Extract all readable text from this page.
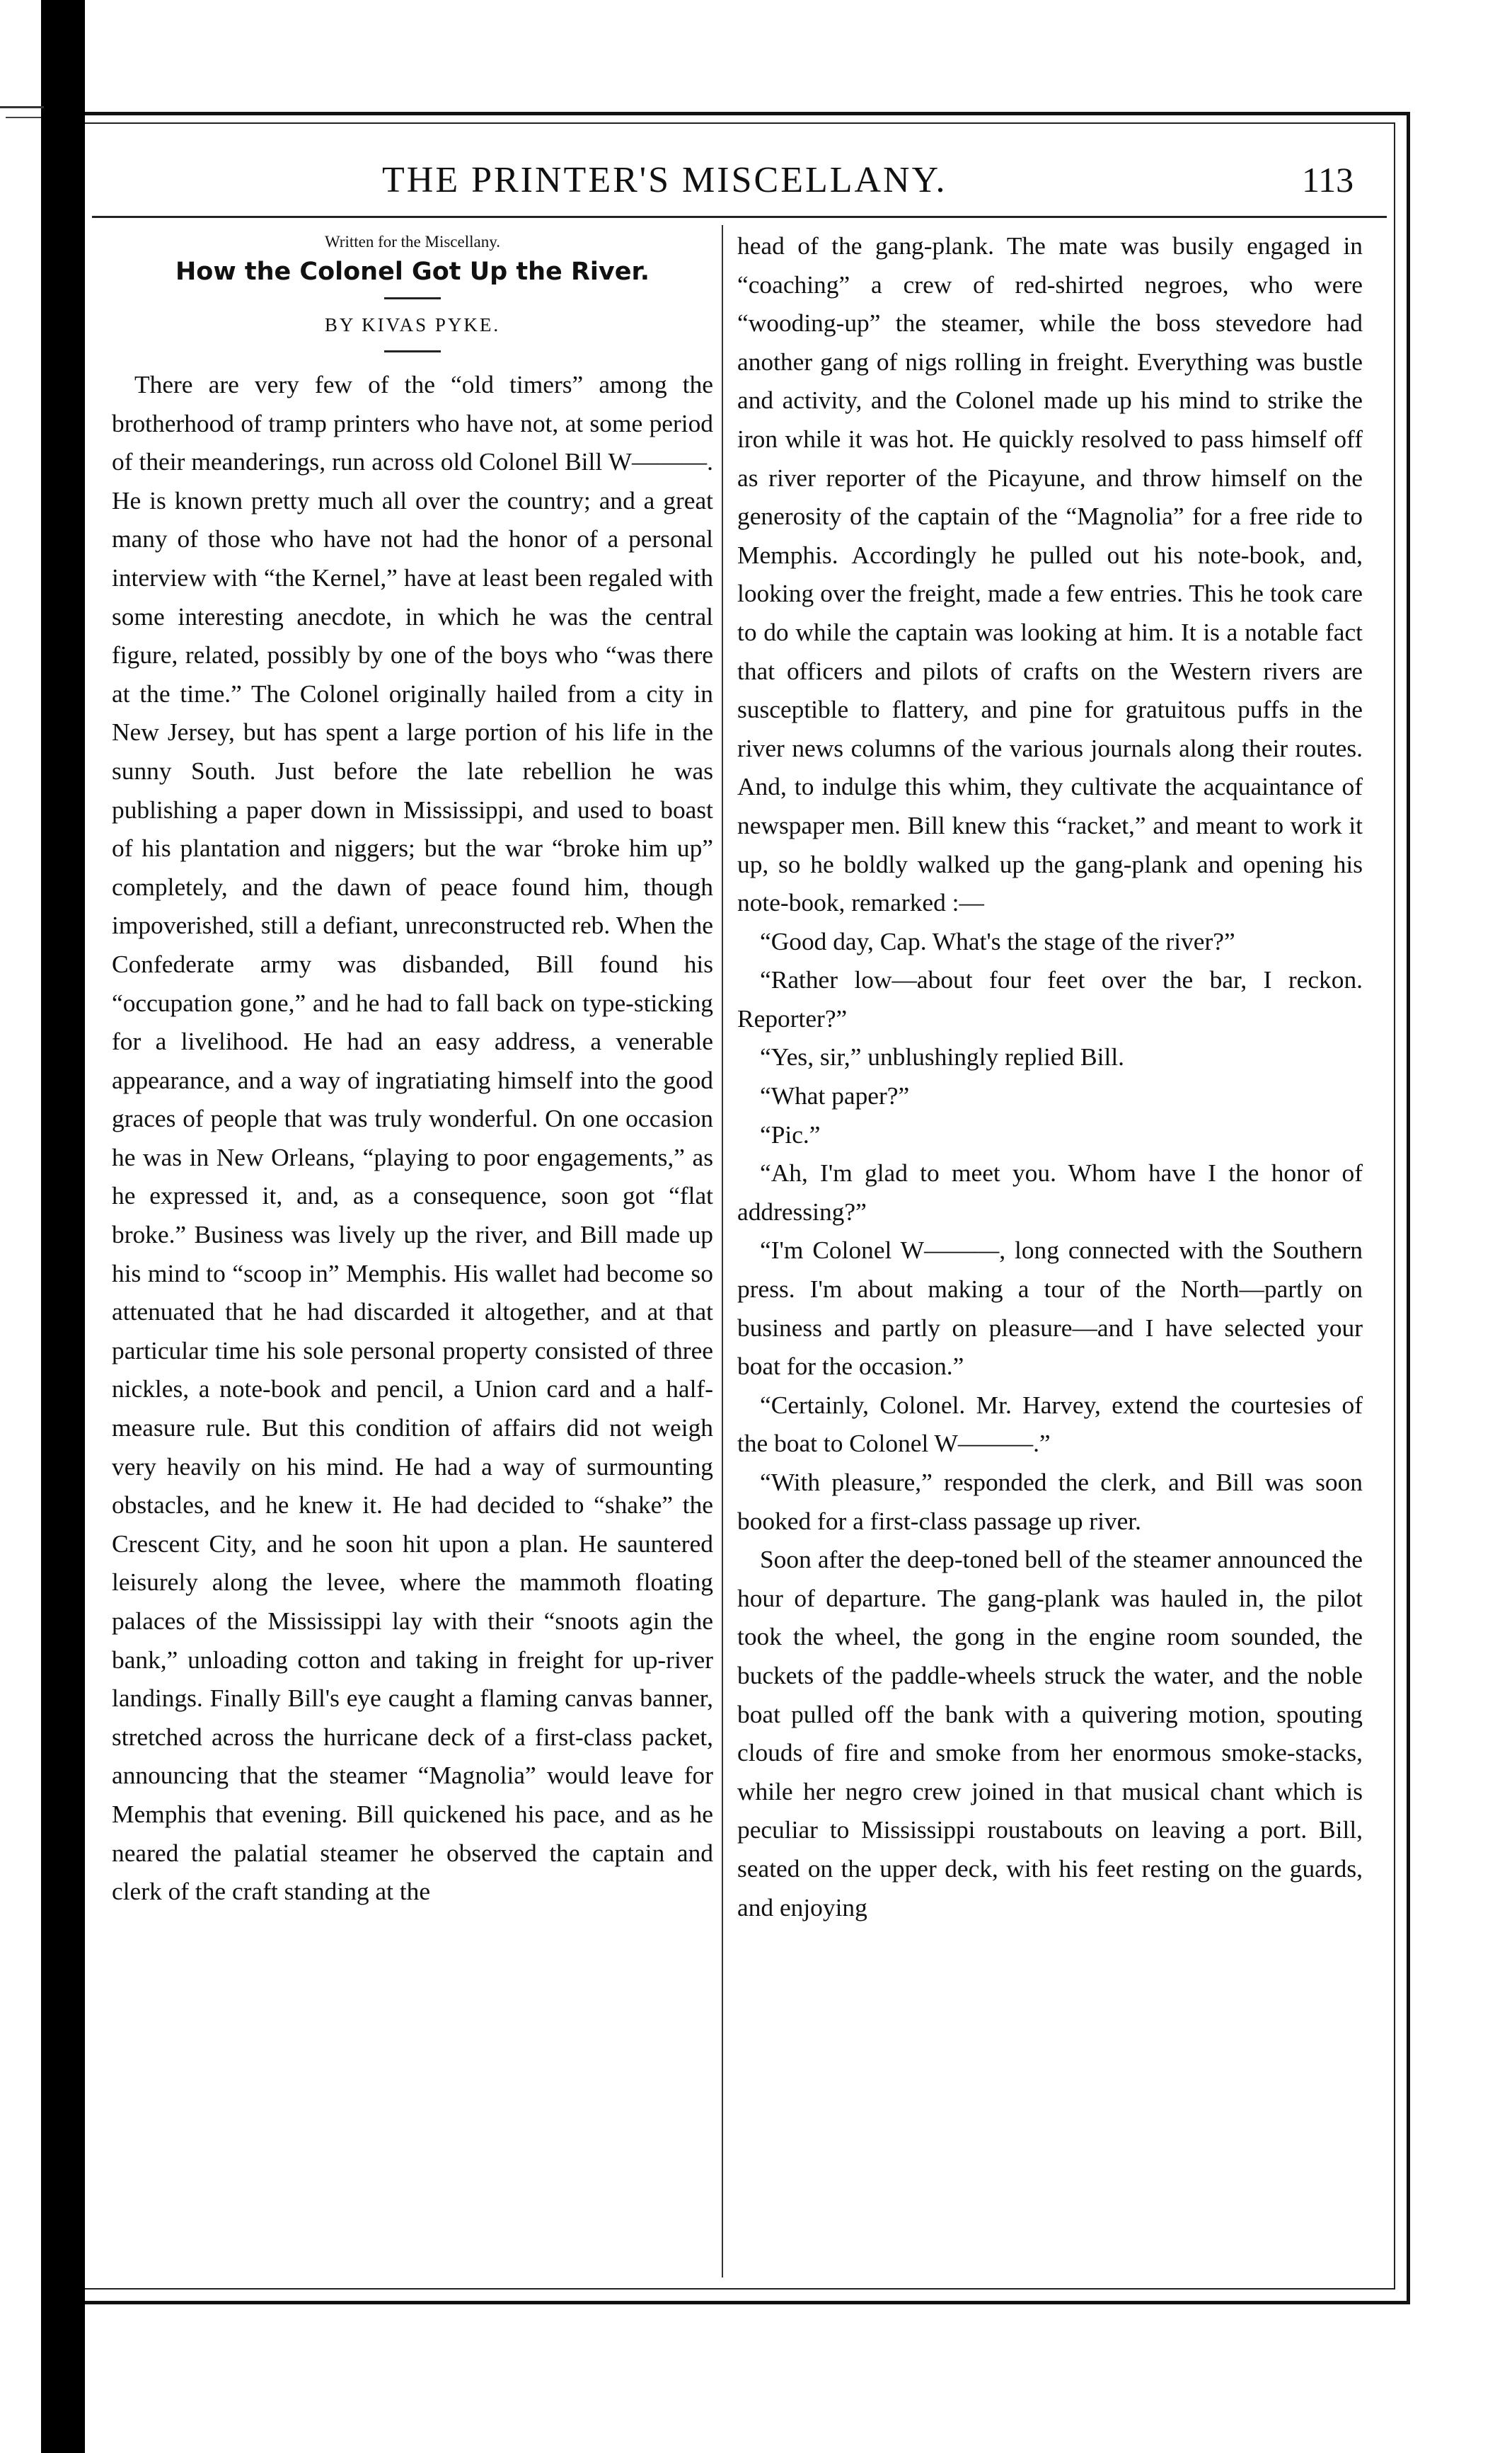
THE PRINTER'S MISCELLANY.	113
Written for the Miscellany.
How the Colonel Got Up the River.
BY KIVAS PYKE.

There are very few of the “old timers” among the brotherhood of tramp printers who have not, at some period of their meanderings, run across old Colonel Bill W———. He is known pretty much all over the country; and a great many of those who have not had the honor of a personal interview with “the Kernel,” have at least been regaled with some interesting anecdote, in which he was the central figure, related, possibly by one of the boys who “was there at the time.” The Colonel originally hailed from a city in New Jersey, but has spent a large portion of his life in the sunny South. Just before the late rebellion he was publishing a paper down in Mississippi, and used to boast of his plantation and niggers; but the war “broke him up” completely, and the dawn of peace found him, though impoverished, still a defiant, unreconstructed reb. When the Confederate army was disbanded, Bill found his “occupation gone,” and he had to fall back on type-sticking for a livelihood. He had an easy address, a venerable appearance, and a way of ingratiating himself into the good graces of people that was truly wonderful. On one occasion he was in New Orleans, “playing to poor engagements,” as he expressed it, and, as a consequence, soon got “flat broke.” Business was lively up the river, and Bill made up his mind to “scoop in” Memphis. His wallet had become so attenuated that he had discarded it altogether, and at that particular time his sole personal property consisted of three nickles, a note-book and pencil, a Union card and a half-measure rule. But this condition of affairs did not weigh very heavily on his mind. He had a way of surmounting obstacles, and he knew it. He had decided to “shake” the Crescent City, and he soon hit upon a plan. He sauntered leisurely along the levee, where the mammoth floating palaces of the Mississippi lay with their “snoots agin the bank,” unloading cotton and taking in freight for up-river landings. Finally Bill's eye caught a flaming canvas banner, stretched across the hurricane deck of a first-class packet, announcing that the steamer “Magnolia” would leave for Memphis that evening. Bill quickened his pace, and as he neared the palatial steamer he observed the captain and clerk of the craft standing at the

head of the gang-plank. The mate was busily engaged in “coaching” a crew of red-shirted negroes, who were “wooding-up” the steamer, while the boss stevedore had another gang of nigs rolling in freight. Everything was bustle and activity, and the Colonel made up his mind to strike the iron while it was hot. He quickly resolved to pass himself off as river reporter of the Picayune, and throw himself on the generosity of the captain of the “Magnolia” for a free ride to Memphis. Accordingly he pulled out his note-book, and, looking over the freight, made a few entries. This he took care to do while the captain was looking at him. It is a notable fact that officers and pilots of crafts on the Western rivers are susceptible to flattery, and pine for gratuitous puffs in the river news columns of the various journals along their routes. And, to indulge this whim, they cultivate the acquaintance of newspaper men. Bill knew this “racket,” and meant to work it up, so he boldly walked up the gang-plank and opening his note-book, remarked :—

“Good day, Cap. What's the stage of the river?”

“Rather low—about four feet over the bar, I reckon. Reporter?”

“Yes, sir,” unblushingly replied Bill.

“What paper?”

“Pic.”

“Ah, I'm glad to meet you. Whom have I the honor of addressing?”

“I'm Colonel W———, long connected with the Southern press. I'm about making a tour of the North—partly on business and partly on pleasure—and I have selected your boat for the occasion.”

“Certainly, Colonel. Mr. Harvey, extend the courtesies of the boat to Colonel W———.”

“With pleasure,” responded the clerk, and Bill was soon booked for a first-class passage up river.

Soon after the deep-toned bell of the steamer announced the hour of departure. The gang-plank was hauled in, the pilot took the wheel, the gong in the engine room sounded, the buckets of the paddle-wheels struck the water, and the noble boat pulled off the bank with a quivering motion, spouting clouds of fire and smoke from her enormous smoke-stacks, while her negro crew joined in that musical chant which is peculiar to Mississippi roustabouts on leaving a port. Bill, seated on the upper deck, with his feet resting on the guards, and enjoying
